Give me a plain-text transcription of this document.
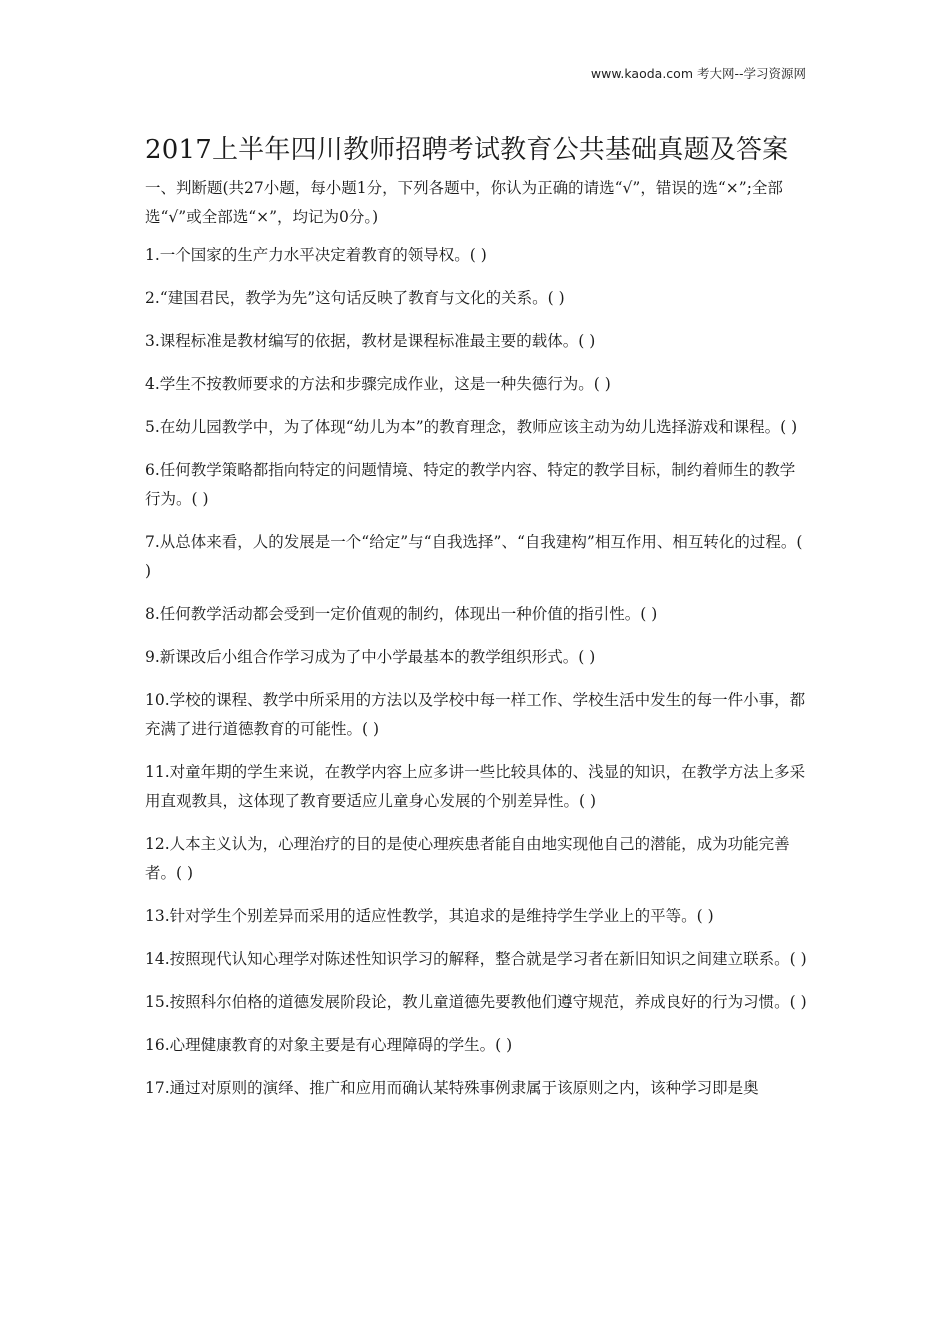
www.kaoda.com 考大网--学习资源网
2017上半年四川教师招聘考试教育公共基础真题及答案

一、判断题(共27小题，每小题1分，下列各题中，你认为正确的请选“√”，错误的选“×”;全部选“√”或全部选“×”，均记为0分。)

1.一个国家的生产力水平决定着教育的领导权。( )
2.“建国君民，教学为先”这句话反映了教育与文化的关系。( )
3.课程标准是教材编写的依据，教材是课程标准最主要的载体。( )
4.学生不按教师要求的方法和步骤完成作业，这是一种失德行为。( )
5.在幼儿园教学中，为了体现“幼儿为本”的教育理念，教师应该主动为幼儿选择游戏和课程。( )
6.任何教学策略都指向特定的问题情境、特定的教学内容、特定的教学目标，制约着师生的教学行为。( )
7.从总体来看，人的发展是一个“给定”与“自我选择”、“自我建构”相互作用、相互转化的过程。( )
8.任何教学活动都会受到一定价值观的制约，体现出一种价值的指引性。( )
9.新课改后小组合作学习成为了中小学最基本的教学组织形式。( )
10.学校的课程、教学中所采用的方法以及学校中每一样工作、学校生活中发生的每一件小事，都充满了进行道德教育的可能性。( )
11.对童年期的学生来说，在教学内容上应多讲一些比较具体的、浅显的知识，在教学方法上多采用直观教具，这体现了教育要适应儿童身心发展的个别差异性。( )
12.人本主义认为，心理治疗的目的是使心理疾患者能自由地实现他自己的潜能，成为功能完善者。( )
13.针对学生个别差异而采用的适应性教学，其追求的是维持学生学业上的平等。( )
14.按照现代认知心理学对陈述性知识学习的解释，整合就是学习者在新旧知识之间建立联系。( )
15.按照科尔伯格的道德发展阶段论，教儿童道德先要教他们遵守规范，养成良好的行为习惯。( )
16.心理健康教育的对象主要是有心理障碍的学生。( )
17.通过对原则的演绎、推广和应用而确认某特殊事例隶属于该原则之内，该种学习即是奥
